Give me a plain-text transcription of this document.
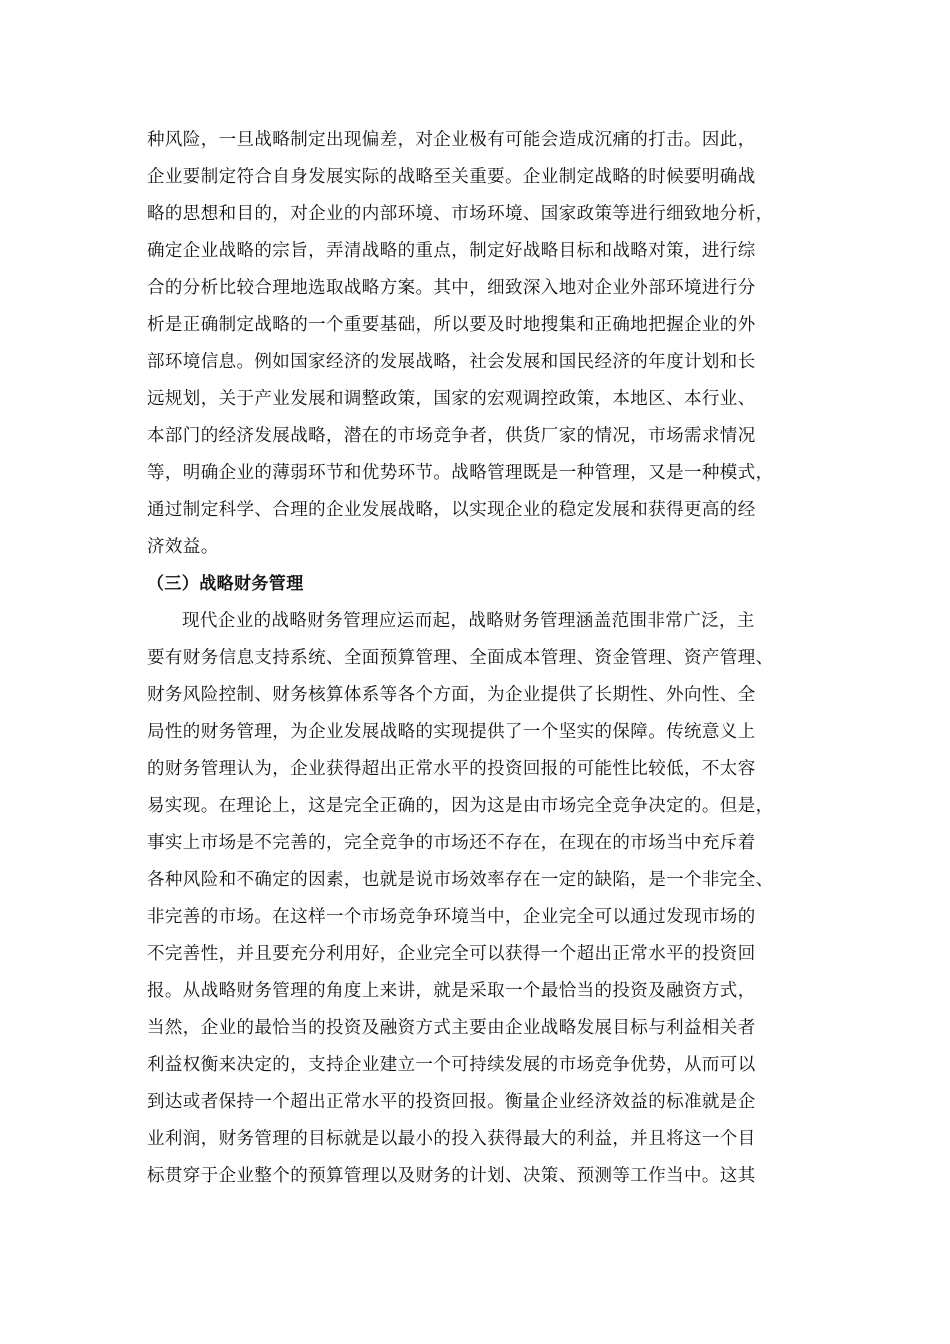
种风险，一旦战略制定出现偏差，对企业极有可能会造成沉痛的打击。因此，
企业要制定符合自身发展实际的战略至关重要。企业制定战略的时候要明确战
略的思想和目的，对企业的内部环境、市场环境、国家政策等进行细致地分析，
确定企业战略的宗旨，弄清战略的重点，制定好战略目标和战略对策，进行综
合的分析比较合理地选取战略方案。其中，细致深入地对企业外部环境进行分
析是正确制定战略的一个重要基础，所以要及时地搜集和正确地把握企业的外
部环境信息。例如国家经济的发展战略，社会发展和国民经济的年度计划和长
远规划，关于产业发展和调整政策，国家的宏观调控政策，本地区、本行业、
本部门的经济发展战略，潜在的市场竞争者，供货厂家的情况，市场需求情况
等，明确企业的薄弱环节和优势环节。战略管理既是一种管理，又是一种模式，
通过制定科学、合理的企业发展战略，以实现企业的稳定发展和获得更高的经
济效益。
（三）战略财务管理
现代企业的战略财务管理应运而起，战略财务管理涵盖范围非常广泛，主
要有财务信息支持系统、全面预算管理、全面成本管理、资金管理、资产管理、
财务风险控制、财务核算体系等各个方面，为企业提供了长期性、外向性、全
局性的财务管理，为企业发展战略的实现提供了一个坚实的保障。传统意义上
的财务管理认为，企业获得超出正常水平的投资回报的可能性比较低，不太容
易实现。在理论上，这是完全正确的，因为这是由市场完全竞争决定的。但是，
事实上市场是不完善的，完全竞争的市场还不存在，在现在的市场当中充斥着
各种风险和不确定的因素，也就是说市场效率存在一定的缺陷，是一个非完全、
非完善的市场。在这样一个市场竞争环境当中，企业完全可以通过发现市场的
不完善性，并且要充分利用好，企业完全可以获得一个超出正常水平的投资回
报。从战略财务管理的角度上来讲，就是采取一个最恰当的投资及融资方式，
当然，企业的最恰当的投资及融资方式主要由企业战略发展目标与利益相关者
利益权衡来决定的，支持企业建立一个可持续发展的市场竞争优势，从而可以
到达或者保持一个超出正常水平的投资回报。衡量企业经济效益的标准就是企
业利润，财务管理的目标就是以最小的投入获得最大的利益，并且将这一个目
标贯穿于企业整个的预算管理以及财务的计划、决策、预测等工作当中。这其
